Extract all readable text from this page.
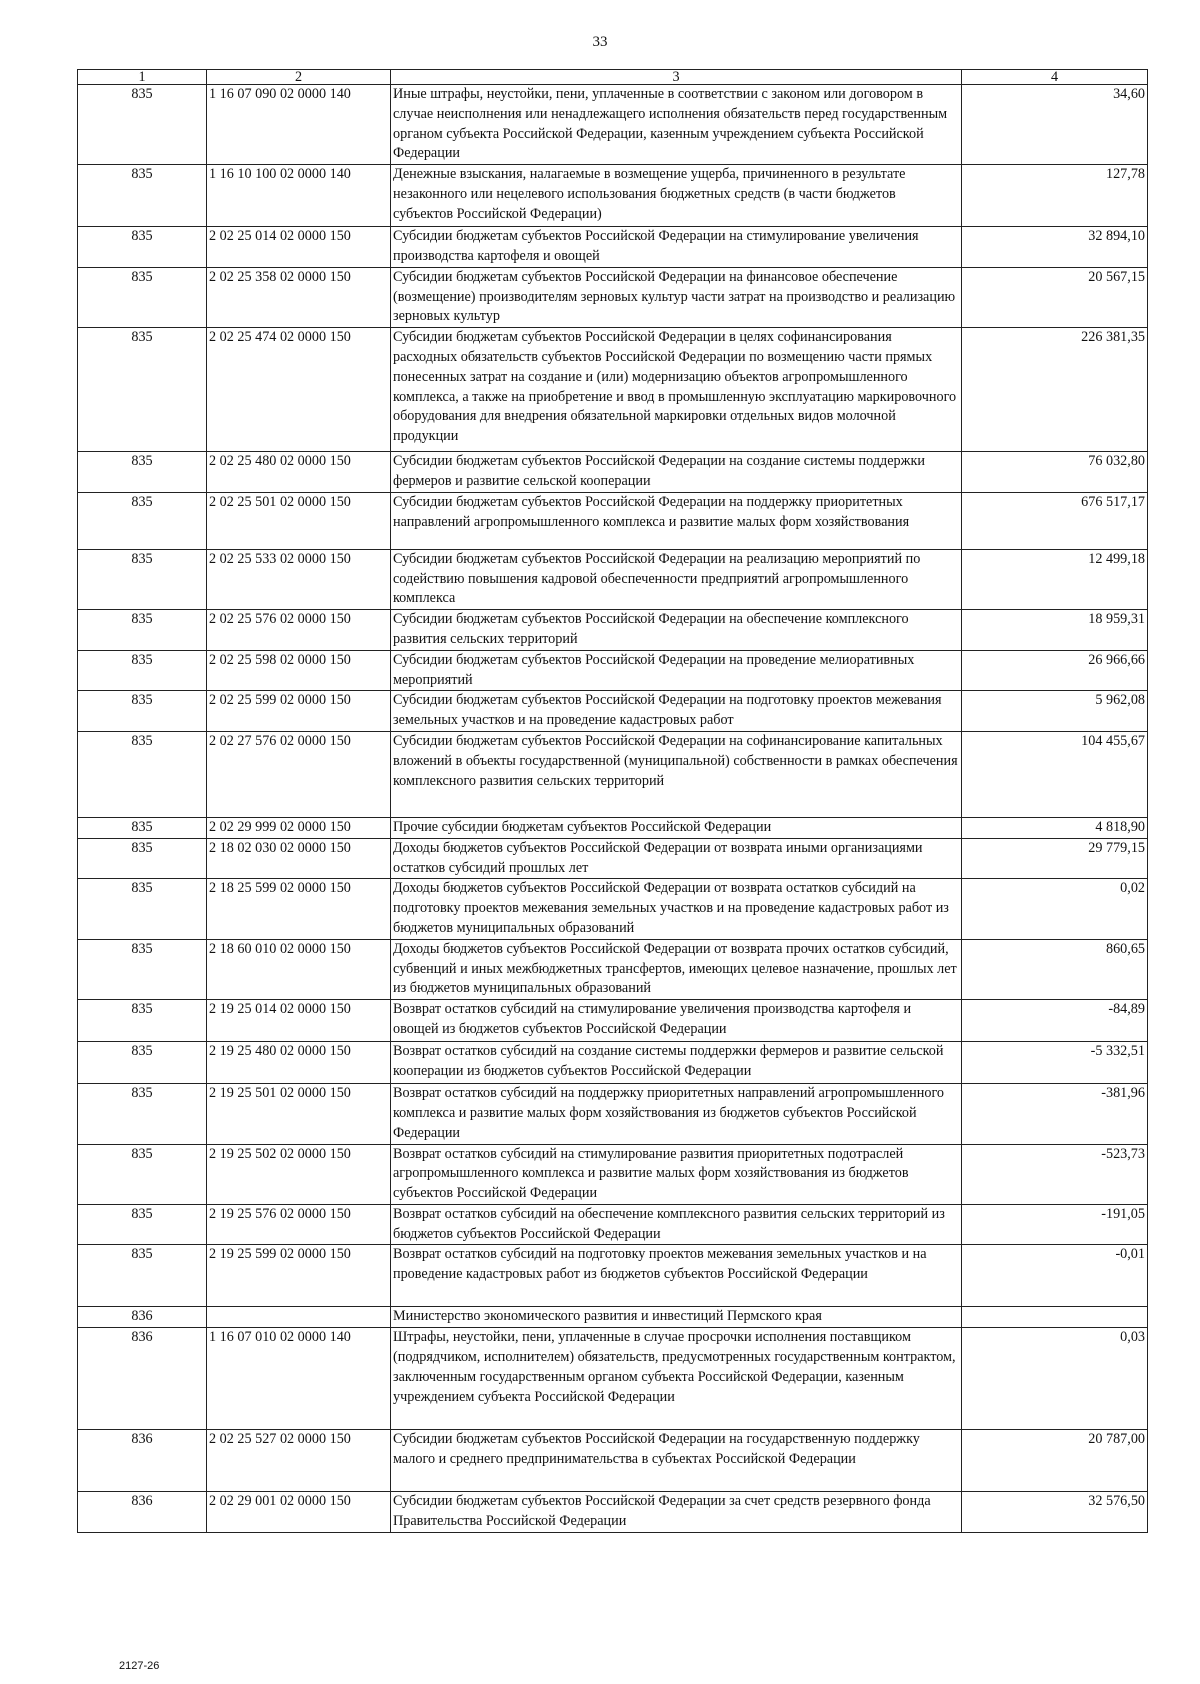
33
1	2	3	4
835	1 16 07 090 02 0000 140	Иные штрафы, неустойки, пени, уплаченные в соответствии с законом или договором в случае неисполнения или ненадлежащего исполнения обязательств перед государственным органом субъекта Российской Федерации, казенным учреждением субъекта Российской Федерации	34,60
835	1 16 10 100 02 0000 140	Денежные взыскания, налагаемые в возмещение ущерба, причиненного в результате незаконного или нецелевого использования бюджетных средств (в части бюджетов субъектов Российской Федерации)	127,78
835	2 02 25 014 02 0000 150	Субсидии бюджетам субъектов Российской Федерации на стимулирование увеличения производства картофеля и овощей	32 894,10
835	2 02 25 358 02 0000 150	Субсидии бюджетам субъектов Российской Федерации на финансовое обеспечение (возмещение) производителям зерновых культур части затрат на производство и реализацию зерновых культур	20 567,15
835	2 02 25 474 02 0000 150	Субсидии бюджетам субъектов Российской Федерации в целях софинансирования расходных обязательств субъектов Российской Федерации по возмещению части прямых понесенных затрат на создание и (или) модернизацию объектов агропромышленного комплекса, а также на приобретение и ввод в промышленную эксплуатацию маркировочного оборудования для внедрения обязательной маркировки отдельных видов молочной продукции	226 381,35
835	2 02 25 480 02 0000 150	Субсидии бюджетам субъектов Российской Федерации на создание системы поддержки фермеров и развитие сельской кооперации	76 032,80
835	2 02 25 501 02 0000 150	Субсидии бюджетам субъектов Российской Федерации на поддержку приоритетных направлений агропромышленного комплекса и развитие малых форм хозяйствования	676 517,17
835	2 02 25 533 02 0000 150	Субсидии бюджетам субъектов Российской Федерации на реализацию мероприятий по содействию повышения кадровой обеспеченности предприятий агропромышленного комплекса	12 499,18
835	2 02 25 576 02 0000 150	Субсидии бюджетам субъектов Российской Федерации на обеспечение комплексного развития сельских территорий	18 959,31
835	2 02 25 598 02 0000 150	Субсидии бюджетам субъектов Российской Федерации на проведение мелиоративных мероприятий	26 966,66
835	2 02 25 599 02 0000 150	Субсидии бюджетам субъектов Российской Федерации на подготовку проектов межевания земельных участков и на проведение кадастровых работ	5 962,08
835	2 02 27 576 02 0000 150	Субсидии бюджетам субъектов Российской Федерации на софинансирование капитальных вложений в объекты государственной (муниципальной) собственности в рамках обеспечения комплексного развития сельских территорий	104 455,67
835	2 02 29 999 02 0000 150	Прочие субсидии бюджетам субъектов Российской Федерации	4 818,90
835	2 18 02 030 02 0000 150	Доходы бюджетов субъектов Российской Федерации от возврата иными организациями остатков субсидий прошлых лет	29 779,15
835	2 18 25 599 02 0000 150	Доходы бюджетов субъектов Российской Федерации от возврата остатков субсидий на подготовку проектов межевания земельных участков и на проведение кадастровых работ из бюджетов муниципальных образований	0,02
835	2 18 60 010 02 0000 150	Доходы бюджетов субъектов Российской Федерации от возврата прочих остатков субсидий, субвенций и иных межбюджетных трансфертов, имеющих целевое назначение, прошлых лет из бюджетов муниципальных образований	860,65
835	2 19 25 014 02 0000 150	Возврат остатков субсидий на стимулирование увеличения производства картофеля и овощей из бюджетов субъектов Российской Федерации	-84,89
835	2 19 25 480 02 0000 150	Возврат остатков субсидий на создание системы поддержки фермеров и развитие сельской кооперации из бюджетов субъектов Российской Федерации	-5 332,51
835	2 19 25 501 02 0000 150	Возврат остатков субсидий на поддержку приоритетных направлений агропромышленного комплекса и развитие малых форм хозяйствования из бюджетов субъектов Российской Федерации	-381,96
835	2 19 25 502 02 0000 150	Возврат остатков субсидий на стимулирование развития приоритетных подотраслей агропромышленного комплекса и развитие малых форм хозяйствования из бюджетов субъектов Российской Федерации	-523,73
835	2 19 25 576 02 0000 150	Возврат остатков субсидий на обеспечение комплексного развития сельских территорий из бюджетов субъектов Российской Федерации	-191,05
835	2 19 25 599 02 0000 150	Возврат остатков субсидий на подготовку проектов межевания земельных участков и на проведение кадастровых работ из бюджетов субъектов Российской Федерации	-0,01
836		Министерство экономического развития и инвестиций Пермского края	
836	1 16 07 010 02 0000 140	Штрафы, неустойки, пени, уплаченные в случае просрочки исполнения поставщиком (подрядчиком, исполнителем) обязательств, предусмотренных государственным контрактом, заключенным государственным органом субъекта Российской Федерации, казенным учреждением субъекта Российской Федерации	0,03
836	2 02 25 527 02 0000 150	Субсидии бюджетам субъектов Российской Федерации на государственную поддержку малого и среднего предпринимательства в субъектах Российской Федерации	20 787,00
836	2 02 29 001 02 0000 150	Субсидии бюджетам субъектов Российской Федерации за счет средств резервного фонда Правительства Российской Федерации	32 576,50
2127-26
